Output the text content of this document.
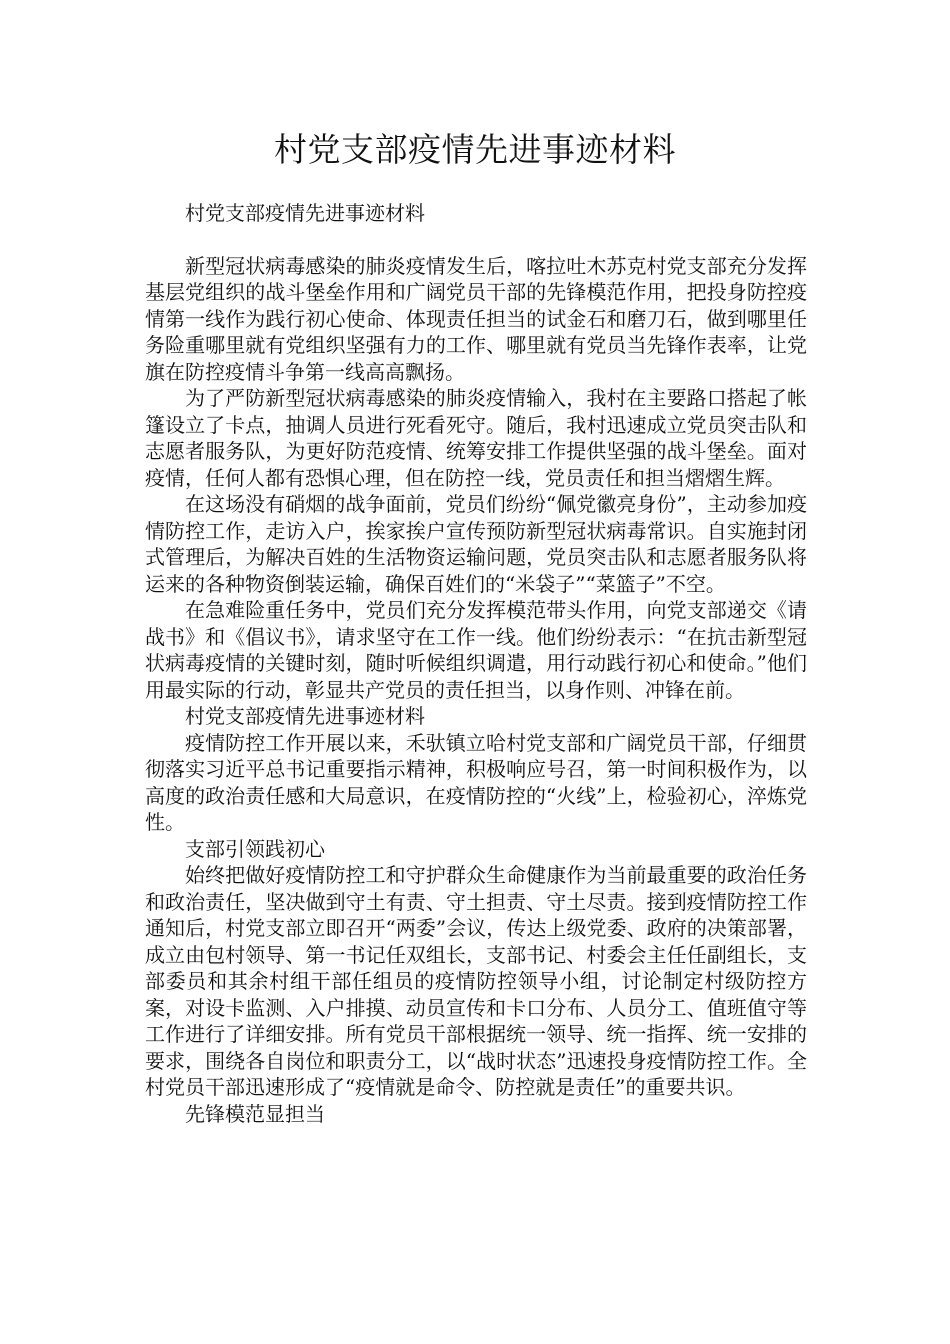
村党支部疫情先进事迹材料

村党支部疫情先进事迹材料

新型冠状病毒感染的肺炎疫情发生后，喀拉吐木苏克村党支部充分发挥基层党组织的战斗堡垒作用和广阔党员干部的先锋模范作用，把投身防控疫情第一线作为践行初心使命、体现责任担当的试金石和磨刀石，做到哪里任务险重哪里就有党组织坚强有力的工作、哪里就有党员当先锋作表率，让党旗在防控疫情斗争第一线高高飘扬。

为了严防新型冠状病毒感染的肺炎疫情输入，我村在主要路口搭起了帐篷设立了卡点，抽调人员进行死看死守。随后，我村迅速成立党员突击队和志愿者服务队，为更好防范疫情、统筹安排工作提供坚强的战斗堡垒。面对疫情，任何人都有恐惧心理，但在防控一线，党员责任和担当熠熠生辉。

在这场没有硝烟的战争面前，党员们纷纷“佩党徽亮身份”，主动参加疫情防控工作，走访入户，挨家挨户宣传预防新型冠状病毒常识。自实施封闭式管理后，为解决百姓的生活物资运输问题，党员突击队和志愿者服务队将运来的各种物资倒装运输，确保百姓们的“米袋子”“菜篮子”不空。

在急难险重任务中，党员们充分发挥模范带头作用，向党支部递交《请战书》和《倡议书》，请求坚守在工作一线。他们纷纷表示：“在抗击新型冠状病毒疫情的关键时刻，随时听候组织调遣，用行动践行初心和使命。”他们用最实际的行动，彰显共产党员的责任担当，以身作则、冲锋在前。

村党支部疫情先进事迹材料

疫情防控工作开展以来，禾驮镇立哈村党支部和广阔党员干部，仔细贯彻落实习近平总书记重要指示精神，积极响应号召，第一时间积极作为，以高度的政治责任感和大局意识，在疫情防控的“火线”上，检验初心，淬炼党性。

支部引领践初心

始终把做好疫情防控工和守护群众生命健康作为当前最重要的政治任务和政治责任，坚决做到守土有责、守土担责、守土尽责。接到疫情防控工作通知后，村党支部立即召开“两委”会议，传达上级党委、政府的决策部署，成立由包村领导、第一书记任双组长，支部书记、村委会主任任副组长，支部委员和其余村组干部任组员的疫情防控领导小组，讨论制定村级防控方案，对设卡监测、入户排摸、动员宣传和卡口分布、人员分工、值班值守等工作进行了详细安排。所有党员干部根据统一领导、统一指挥、统一安排的要求，围绕各自岗位和职责分工，以“战时状态”迅速投身疫情防控工作。全村党员干部迅速形成了“疫情就是命令、防控就是责任”的重要共识。

先锋模范显担当
